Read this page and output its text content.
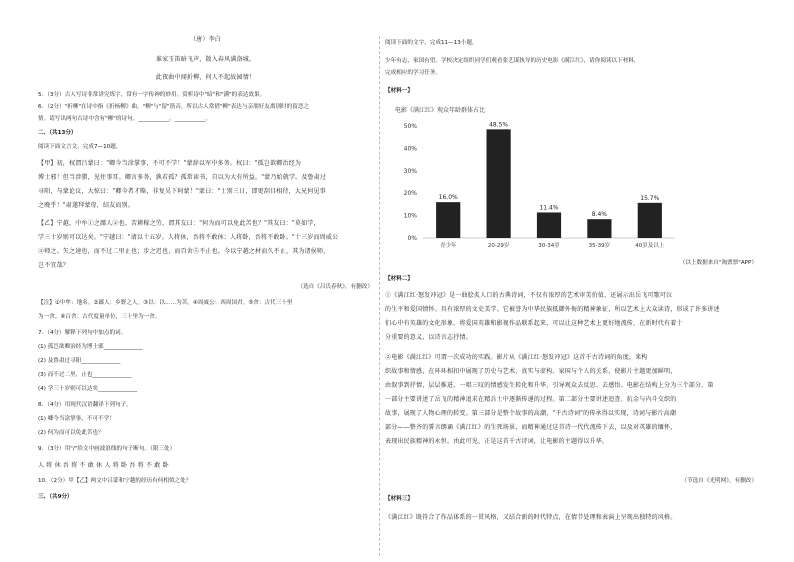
（唐）李白
谁家玉笛暗飞声，散入春风满洛城。
此夜曲中闻折柳，何人不起故园情！
5．（3分）古人写诗非常讲究炼字，常有一字传神的妙用。赏析诗中"暗"和"满"的表达效果。
6．（2分）"折柳"在诗中指《折杨柳》曲，"柳"与"留"谐音，所以古人常借"柳"表达与亲朋好友离别时的留恋之
情。请写出两句古诗中含有"柳"的诗句。___________，___________。
二、（共13分）
阅读下面文言文，完成7—10题。
【甲】初，权谓吕蒙曰："卿今当涂掌事，不可不学！"蒙辞以军中多务。权曰："孤岂欲卿治经为
博士邪！但当涉猎，见往事耳。卿言多务，孰若孤？孤常读书，自以为大有所益。"蒙乃始就学。及鲁肃过
寻阳，与蒙论议，大惊曰："卿今者才略，非复吴下阿蒙！"蒙曰："士别三日，即更刮目相待，大兄何见事
之晚乎！"肃遂拜蒙母，结友而别。
【乙】宁越，中牟①之鄙人②也。苦耕稼之劳，谓其友曰："何为而可以免此苦也？"其友曰："莫如学，
学三十岁则可以达矣。"宁越曰："请以十五岁。人将休，吾将不敢休；人将卧，吾将不敢卧。"十三岁而周威公
④师之。矢之速也，而不过二里止也；步之迟也，而百舍⑤不止也。今以宁越之材而久不止，其为诸侯师，
岂不宜哉？
（选自《吕氏春秋》，有删改）
【注】①中牟：地名。②鄙人：乡野之人。③以：以……为苦。④周威公：西周国君。⑤舍：古代三十里
为一舍。⑥百舍：古代度量单位，三十里为一舍。
7．（4分）解释下列句中加点的词。
(1) 孤岂欲卿治经为博士邪______________
(2) 及鲁肃过寻阳______________
(3) 而不过二里，止也______________
(4) 学三十岁则可以达矣______________
8．（4分）用现代汉语翻译下列句子。
(1) 卿今当涂掌事，不可不学！
(2) 何为而可以免此苦也？
9．（3分）用"/"给文中画波浪线的句子断句。（限三处）
人 将 休 吾 将 不 敢 休 人 将 卧 吾 将 不 敢 卧
10．（2分）甲【乙】两文中吕蒙和宁越的经历有何相似之处？
三、（共9分）
阅读下面的文字，完成11—13小题。
少年有志，家国有望。学校决定组织同学们观看张艺谋执导的历史电影《满江红》，请你阅读以下材料，
完成相应的学习任务。
【材料一】
电影《满江红》观众年龄群体占比
0%
10%
20%
30%
40%
50%
16.0%
青少年
48.5%
20-29岁
11.4%
30-34岁
8.4%
35-39岁
15.7%
40岁及以上
（以上数据来自"淘票票"APP）
【材料二】
①《满江红·怒发冲冠》是一曲脍炙人口的古典诗词，不仅有浓厚的艺术审美价值，还展示出岳飞可歌可泣
的生平和爱国情怀。具有浓厚的文史美学。它被誉为中华民族抵御外侮的精神象征，所以艺术上大众读诗，形成了许多讲述
们心中有英雄的文化形象。将爱国英雄和影视作品联系起来，可以让这种艺术上更好地流传，在新时代有着十
分重要的意义，以诗言志抒情。
②电影《满江红》可谓一次成功的实践。影片从《满江红·怒发冲冠》这首千古诗词的角度，来构
织故事和情感，在环环相扣中展现了历史与艺术、真实与虚构、家国与个人的关系，使影片主题更加鲜明，
由叙事到抒情，层层推进，一唱三叹的情感发生转化和升华，引导观众去反思、去感悟。电影在结构上分为三个部分。第
一部分主要讲述了岳飞的精神追求在精兵士中逐渐传递的过程。第二部分主要讲述追查、抗金与内斗交织的
故事，展现了人物心理的转变。第三部分是整个故事的高潮，"千古诗词"的传承得以实现，诗词与影片高潮
部分——整齐的誓言朗诵《满江红》的生死场景，而精神通过这首诗一代代流传下去，以及对英雄的缅怀，
表现出民族精神的永恒。由此可见，正是这首千古诗词，让电影的主题得以升华。
（节选自《光明网》，有删改）
【材料三】
《满江红》既符合了作品体系的一贯风格，又结合新的时代特点，在情节处理和表演上呈现出独特的风格。
